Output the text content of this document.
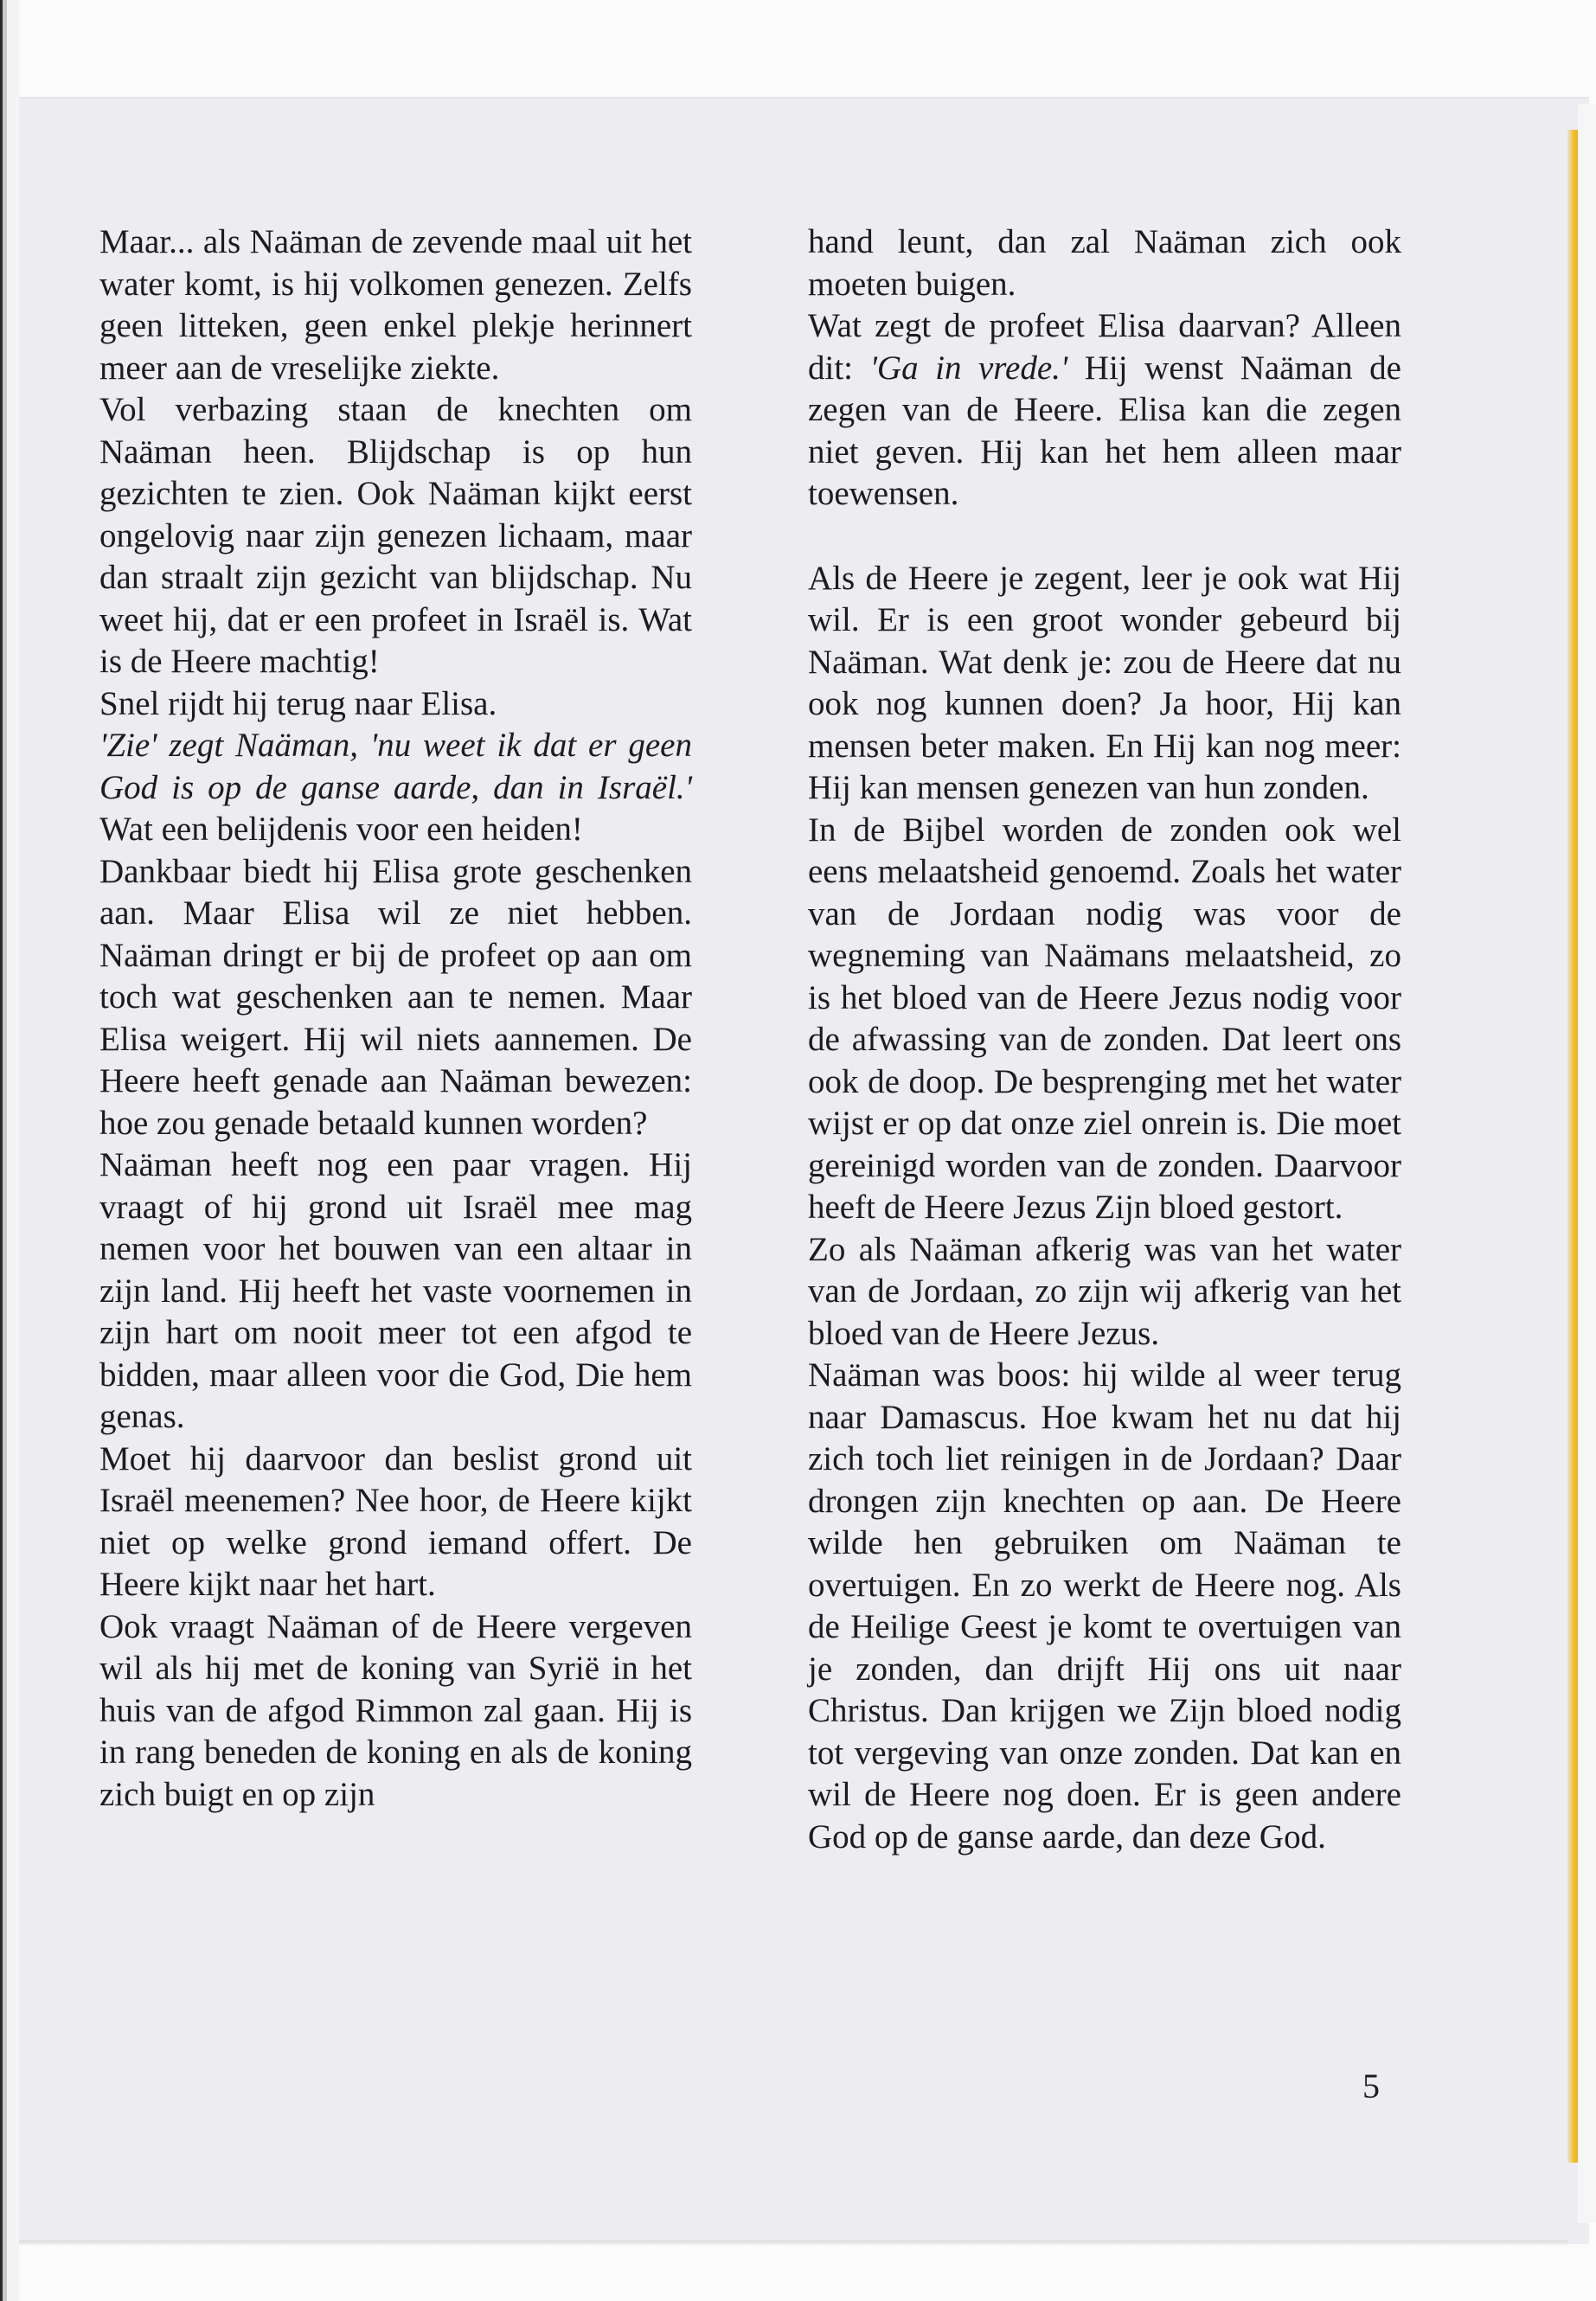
Maar... als Naäman de zevende maal uit het water komt, is hij volkomen genezen. Zelfs geen litteken, geen enkel plekje herinnert meer aan de vreselijke ziekte.

Vol verbazing staan de knechten om Naäman heen. Blijdschap is op hun gezichten te zien. Ook Naäman kijkt eerst ongelovig naar zijn genezen lichaam, maar dan straalt zijn gezicht van blijdschap. Nu weet hij, dat er een profeet in Israël is. Wat is de Heere machtig!

Snel rijdt hij terug naar Elisa.

'Zie' zegt Naäman, 'nu weet ik dat er geen God is op de ganse aarde, dan in Israël.' Wat een belijdenis voor een heiden!

Dankbaar biedt hij Elisa grote geschenken aan. Maar Elisa wil ze niet hebben. Naäman dringt er bij de profeet op aan om toch wat geschenken aan te nemen. Maar Elisa weigert. Hij wil niets aannemen. De Heere heeft genade aan Naäman bewezen: hoe zou genade betaald kunnen worden?

Naäman heeft nog een paar vragen. Hij vraagt of hij grond uit Israël mee mag nemen voor het bouwen van een altaar in zijn land. Hij heeft het vaste voornemen in zijn hart om nooit meer tot een afgod te bidden, maar alleen voor die God, Die hem genas.

Moet hij daarvoor dan beslist grond uit Israël meenemen? Nee hoor, de Heere kijkt niet op welke grond iemand offert. De Heere kijkt naar het hart.

Ook vraagt Naäman of de Heere vergeven wil als hij met de koning van Syrië in het huis van de afgod Rimmon zal gaan. Hij is in rang beneden de koning en als de koning zich buigt en op zijn

hand leunt, dan zal Naäman zich ook moeten buigen.

Wat zegt de profeet Elisa daarvan? Alleen dit: 'Ga in vrede.' Hij wenst Naäman de zegen van de Heere. Elisa kan die zegen niet geven. Hij kan het hem alleen maar toewensen.

Als de Heere je zegent, leer je ook wat Hij wil. Er is een groot wonder gebeurd bij Naäman. Wat denk je: zou de Heere dat nu ook nog kunnen doen? Ja hoor, Hij kan mensen beter maken. En Hij kan nog meer: Hij kan mensen genezen van hun zonden.

In de Bijbel worden de zonden ook wel eens melaatsheid genoemd. Zoals het water van de Jordaan nodig was voor de wegneming van Naämans melaatsheid, zo is het bloed van de Heere Jezus nodig voor de afwassing van de zonden. Dat leert ons ook de doop. De besprenging met het water wijst er op dat onze ziel onrein is. Die moet gereinigd worden van de zonden. Daarvoor heeft de Heere Jezus Zijn bloed gestort.

Zo als Naäman afkerig was van het water van de Jordaan, zo zijn wij afkerig van het bloed van de Heere Jezus.

Naäman was boos: hij wilde al weer terug naar Damascus. Hoe kwam het nu dat hij zich toch liet reinigen in de Jordaan? Daar drongen zijn knechten op aan. De Heere wilde hen gebruiken om Naäman te overtuigen. En zo werkt de Heere nog. Als de Heilige Geest je komt te overtuigen van je zonden, dan drijft Hij ons uit naar Christus. Dan krijgen we Zijn bloed nodig tot vergeving van onze zonden. Dat kan en wil de Heere nog doen. Er is geen andere God op de ganse aarde, dan deze God.

5
